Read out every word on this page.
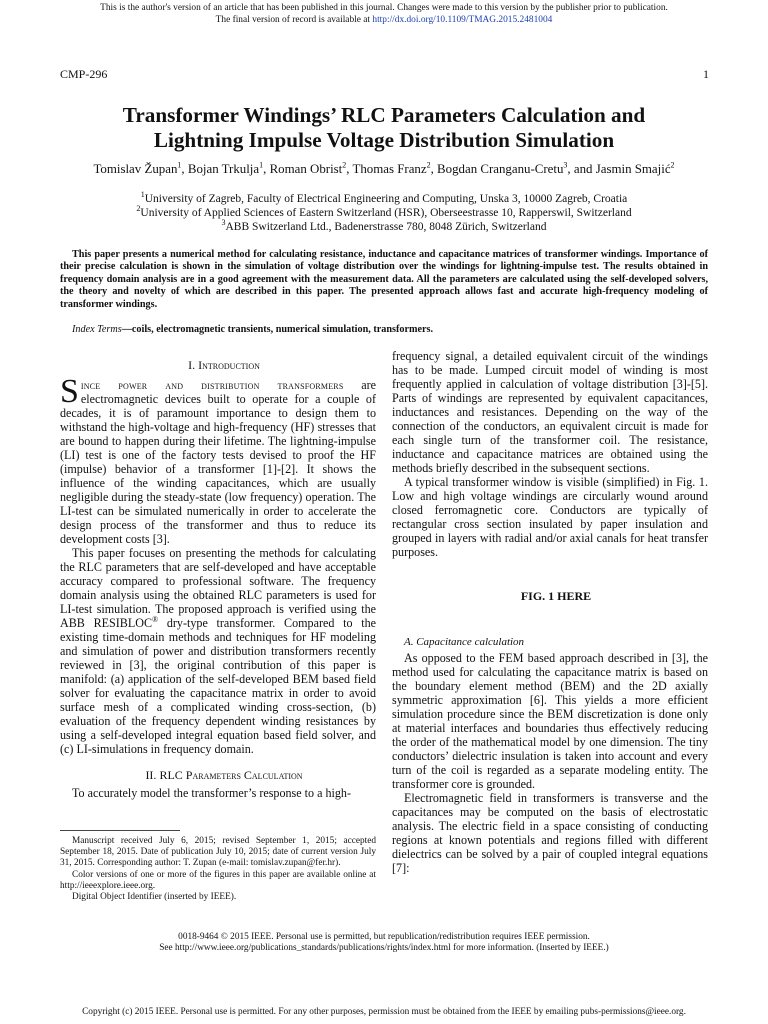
This is the author's version of an article that has been published in this journal. Changes were made to this version by the publisher prior to publication.
The final version of record is available at http://dx.doi.org/10.1109/TMAG.2015.2481004
CMP-296	1
Transformer Windings’ RLC Parameters Calculation and
Lightning Impulse Voltage Distribution Simulation
Tomislav Župan$^1$, Bojan Trkulja$^1$, Roman Obrist$^2$, Thomas Franz$^2$, Bogdan Cranganu-Cretu$^3$, and Jasmin Smajić$^2$
$^1$University of Zagreb, Faculty of Electrical Engineering and Computing, Unska 3, 10000 Zagreb, Croatia
$^2$University of Applied Sciences of Eastern Switzerland (HSR), Oberseestrasse 10, Rapperswil, Switzerland
$^3$ABB Switzerland Ltd., Badenerstrasse 780, 8048 Zürich, Switzerland
This paper presents a numerical method for calculating resistance, inductance and capacitance matrices of transformer windings. Importance of their precise calculation is shown in the simulation of voltage distribution over the windings for lightning-impulse test. The results obtained in frequency domain analysis are in a good agreement with the measurement data. All the parameters are calculated using the self-developed solvers, the theory and novelty of which are described in this paper. The presented approach allows fast and accurate high-frequency modeling of transformer windings.
Index Terms—coils, electromagnetic transients, numerical simulation, transformers.

I. Introduction

Since power and distribution transformers are electromagnetic devices built to operate for a couple of decades, it is of paramount importance to design them to withstand the high-voltage and high-frequency (HF) stresses that are bound to happen during their lifetime. The lightning-impulse (LI) test is one of the factory tests devised to proof the HF (impulse) behavior of a transformer [1]-[2]. It shows the influence of the winding capacitances, which are usually negligible during the steady-state (low frequency) operation. The LI-test can be simulated numerically in order to accelerate the design process of the transformer and thus to reduce its development costs [3].

This paper focuses on presenting the methods for calculating the RLC parameters that are self-developed and have acceptable accuracy compared to professional software. The frequency domain analysis using the obtained RLC parameters is used for LI-test simulation. The proposed approach is verified using the ABB RESIBLOC® dry-type transformer. Compared to the existing time-domain methods and techniques for HF modeling and simulation of power and distribution transformers recently reviewed in [3], the original contribution of this paper is manifold: (a) application of the self-developed BEM based field solver for evaluating the capacitance matrix in order to avoid surface mesh of a complicated winding cross-section, (b) evaluation of the frequency dependent winding resistances by using a self-developed integral equation based field solver, and (c) LI-simulations in frequency domain.

II. RLC Parameters Calculation

To accurately model the transformer’s response to a high-

Manuscript received July 6, 2015; revised September 1, 2015; accepted September 18, 2015. Date of publication July 10, 2015; date of current version July 31, 2015. Corresponding author: T. Zupan (e-mail: tomislav.zupan@fer.hr).

Color versions of one or more of the figures in this paper are available online at http://ieeexplore.ieee.org.

Digital Object Identifier (inserted by IEEE).

frequency signal, a detailed equivalent circuit of the windings has to be made. Lumped circuit model of winding is most frequently applied in calculation of voltage distribution [3]-[5]. Parts of windings are represented by equivalent capacitances, inductances and resistances. Depending on the way of the connection of the conductors, an equivalent circuit is made for each single turn of the transformer coil. The resistance, inductance and capacitance matrices are obtained using the methods briefly described in the subsequent sections.

A typical transformer window is visible (simplified) in Fig. 1. Low and high voltage windings are circularly wound around closed ferromagnetic core. Conductors are typically of rectangular cross section insulated by paper insulation and grouped in layers with radial and/or axial canals for heat transfer purposes.

FIG. 1 HERE

A. Capacitance calculation

As opposed to the FEM based approach described in [3], the method used for calculating the capacitance matrix is based on the boundary element method (BEM) and the 2D axially symmetric approximation [6]. This yields a more efficient simulation procedure since the BEM discretization is done only at material interfaces and boundaries thus effectively reducing the order of the mathematical model by one dimension. The tiny conductors’ dielectric insulation is taken into account and every turn of the coil is regarded as a separate modeling entity. The transformer core is grounded.

Electromagnetic field in transformers is transverse and the capacitances may be computed on the basis of electrostatic analysis. The electric field in a space consisting of conducting regions at known potentials and regions filled with different dielectrics can be solved by a pair of coupled integral equations [7]:

0018-9464 © 2015 IEEE. Personal use is permitted, but republication/redistribution requires IEEE permission.
See http://www.ieee.org/publications_standards/publications/rights/index.html for more information. (Inserted by IEEE.)
Copyright (c) 2015 IEEE. Personal use is permitted. For any other purposes, permission must be obtained from the IEEE by emailing pubs-permissions@ieee.org.
